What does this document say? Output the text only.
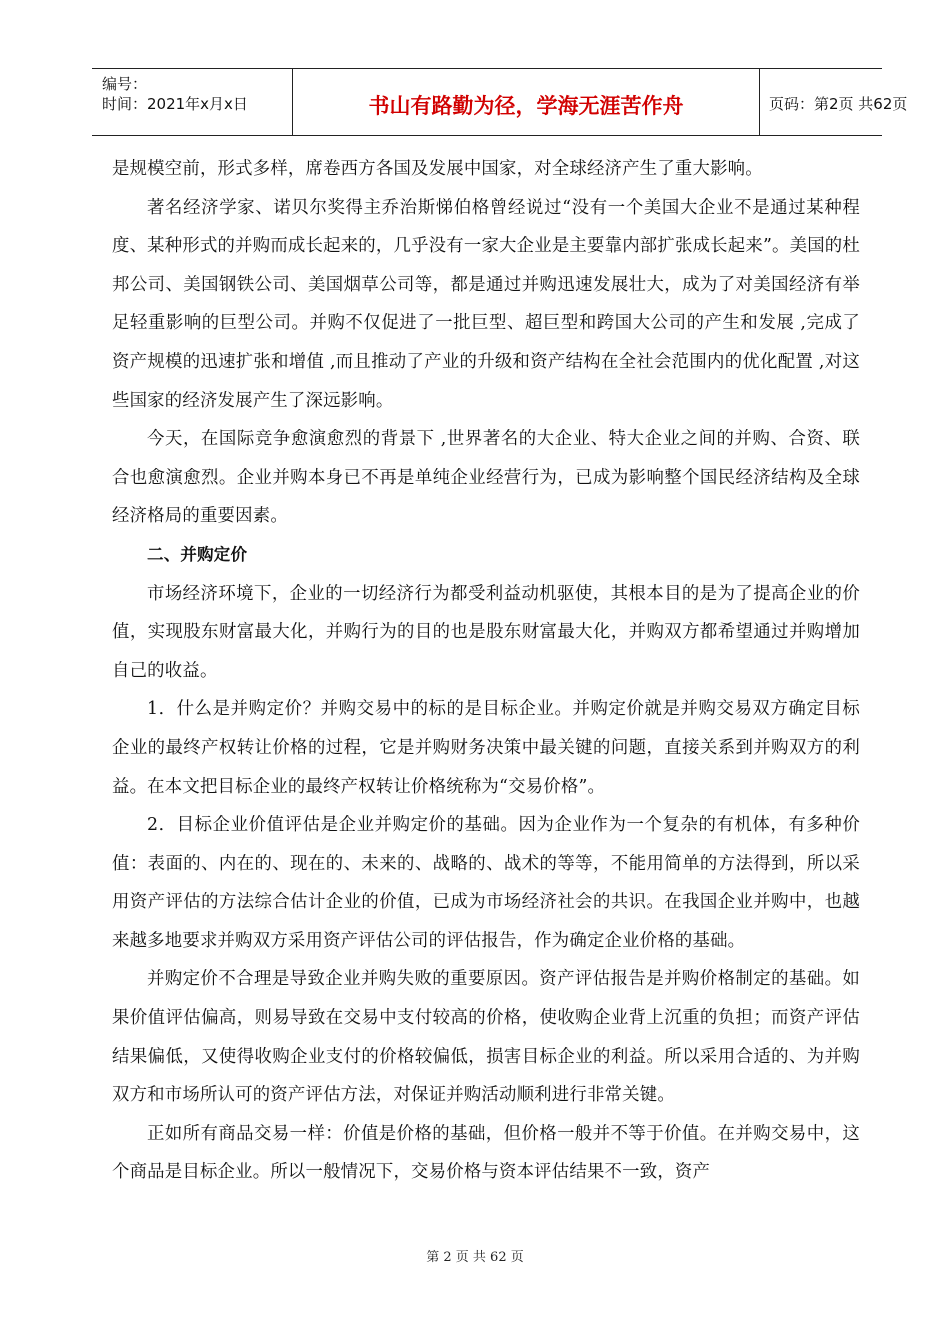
编号：
时间：2021年x月x日	书山有路勤为径，学海无涯苦作舟	页码：第2页 共62页

是规模空前，形式多样，席卷西方各国及发展中国家，对全球经济产生了重大影响。

著名经济学家、诺贝尔奖得主乔治斯悌伯格曾经说过“没有一个美国大企业不是通过某种程度、某种形式的并购而成长起来的，几乎没有一家大企业是主要靠内部扩张成长起来”。美国的杜邦公司、美国钢铁公司、美国烟草公司等，都是通过并购迅速发展壮大，成为了对美国经济有举足轻重影响的巨型公司。并购不仅促进了一批巨型、超巨型和跨国大公司的产生和发展 ,完成了资产规模的迅速扩张和增值 ,而且推动了产业的升级和资产结构在全社会范围内的优化配置 ,对这些国家的经济发展产生了深远影响。

今天，在国际竞争愈演愈烈的背景下 ,世界著名的大企业、特大企业之间的并购、合资、联合也愈演愈烈。企业并购本身已不再是单纯企业经营行为，已成为影响整个国民经济结构及全球经济格局的重要因素。

二、并购定价

市场经济环境下，企业的一切经济行为都受利益动机驱使，其根本目的是为了提高企业的价值，实现股东财富最大化，并购行为的目的也是股东财富最大化，并购双方都希望通过并购增加自己的收益。

1．什么是并购定价？并购交易中的标的是目标企业。并购定价就是并购交易双方确定目标企业的最终产权转让价格的过程，它是并购财务决策中最关键的问题，直接关系到并购双方的利益。在本文把目标企业的最终产权转让价格统称为“交易价格”。

2．目标企业价值评估是企业并购定价的基础。因为企业作为一个复杂的有机体，有多种价值：表面的、内在的、现在的、未来的、战略的、战术的等等，不能用简单的方法得到，所以采用资产评估的方法综合估计企业的价值，已成为市场经济社会的共识。在我国企业并购中，也越来越多地要求并购双方采用资产评估公司的评估报告，作为确定企业价格的基础。

并购定价不合理是导致企业并购失败的重要原因。资产评估报告是并购价格制定的基础。如果价值评估偏高，则易导致在交易中支付较高的价格，使收购企业背上沉重的负担；而资产评估结果偏低，又使得收购企业支付的价格较偏低，损害目标企业的利益。所以采用合适的、为并购双方和市场所认可的资产评估方法，对保证并购活动顺利进行非常关键。

正如所有商品交易一样：价值是价格的基础，但价格一般并不等于价值。在并购交易中，这个商品是目标企业。所以一般情况下，交易价格与资本评估结果不一致，资产

第 2 页 共 62 页
